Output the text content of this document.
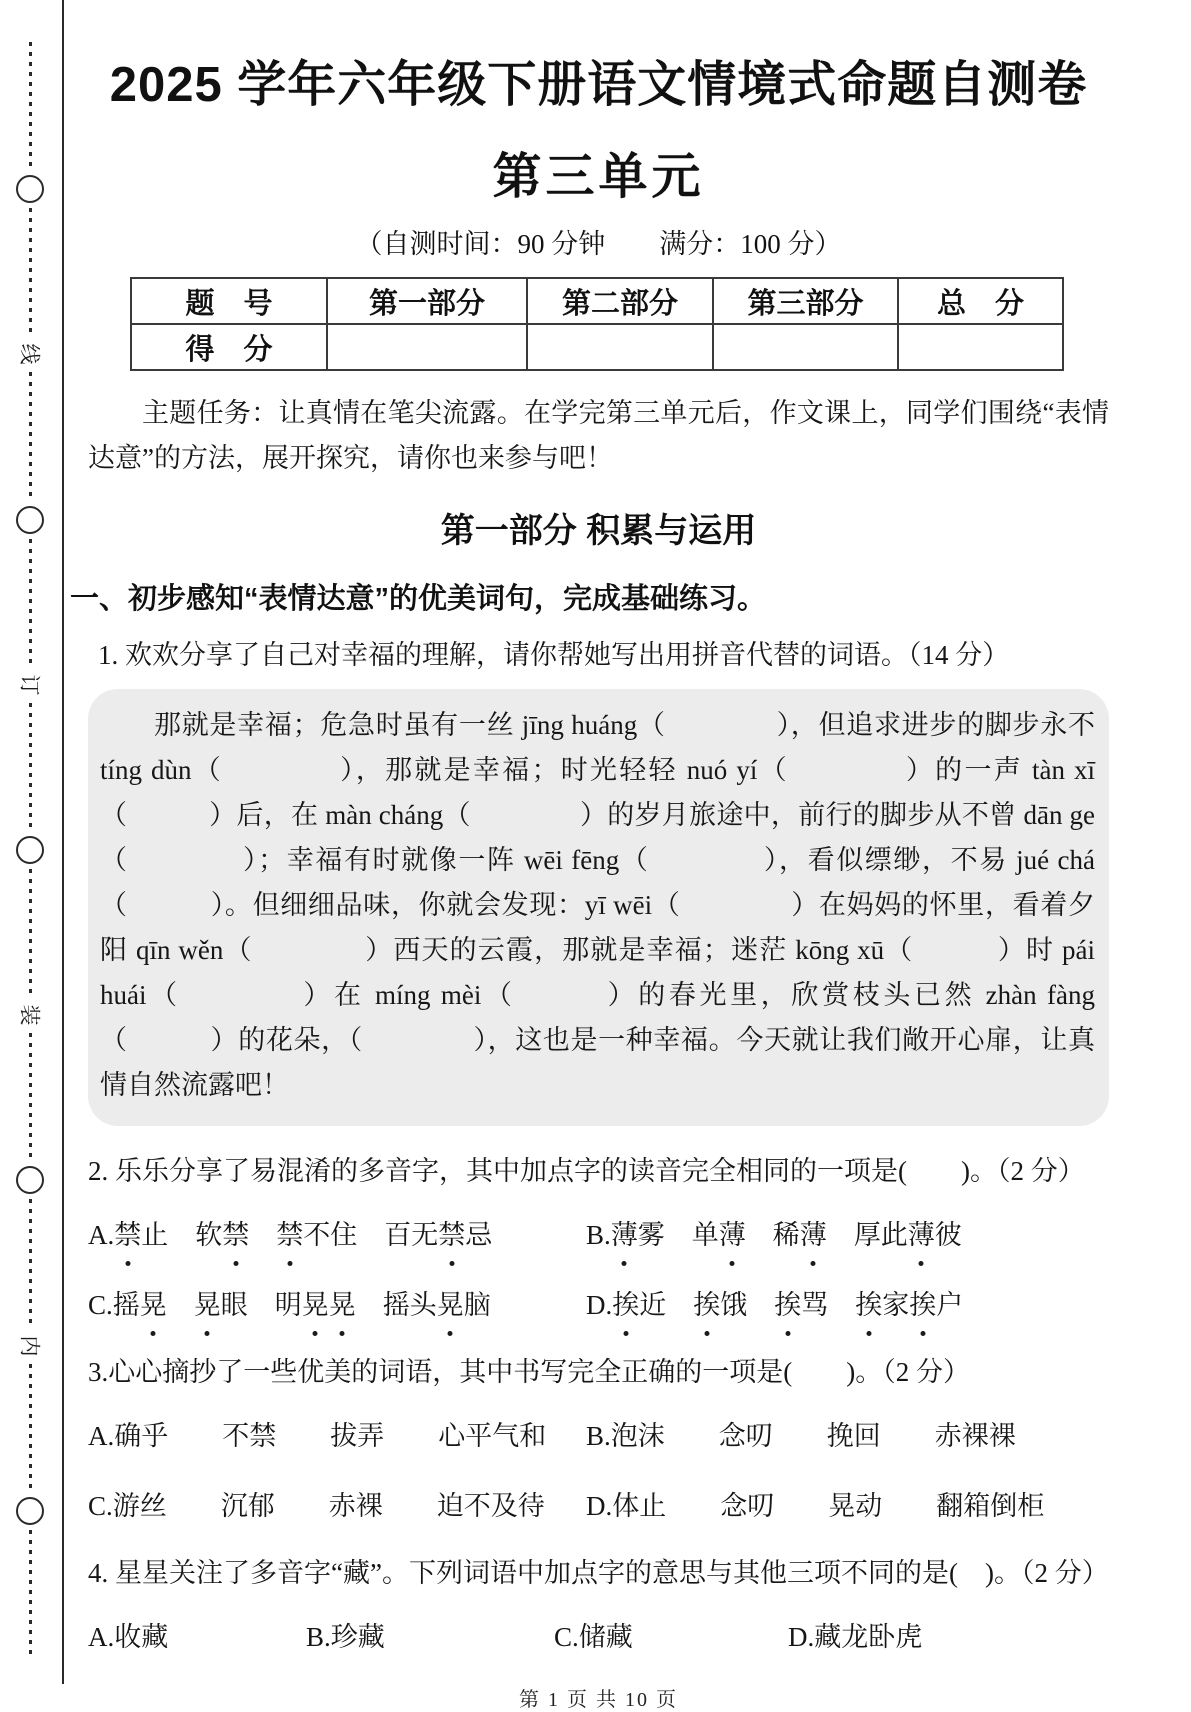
线
订
装
内
2025 学年六年级下册语文情境式命题自测卷
第三单元
（自测时间：90 分钟　　满分：100 分）
题　号	第一部分	第二部分	第三部分	总　分
得　分				

主题任务：让真情在笔尖流露。在学完第三单元后，作文课上，同学们围绕“表情达意”的方法，展开探究，请你也来参与吧！

第一部分 积累与运用
一、初步感知“表情达意”的优美词句，完成基础练习。

1. 欢欢分享了自己对幸福的理解，请你帮她写出用拼音代替的词语。（14 分）

那就是幸福；危急时虽有一丝 jīng huáng（　　　　），但追求进步的脚步永不 tíng dùn（　　　　），那就是幸福；时光轻轻 nuó yí（　　　　）的一声 tàn xī（　　　）后，在 màn cháng（　　　　）的岁月旅途中，前行的脚步从不曾 dān ge（　　　　）；幸福有时就像一阵 wēi fēng（　　　　），看似缥缈，不易 jué chá（　　　）。但细细品味，你就会发现：yī wēi（　　　　）在妈妈的怀里，看着夕阳 qīn wěn（　　　　）西天的云霞，那就是幸福；迷茫 kōng xū（　　　）时 pái huái（　　　　）在 míng mèi（　　　）的春光里，欣赏枝头已然 zhàn fàng（　　　）的花朵，（　　　　），这也是一种幸福。今天就让我们敞开心扉，让真情自然流露吧！

2. 乐乐分享了易混淆的多音字，其中加点字的读音完全相同的一项是(　　)。（2 分）

A.禁止　 软禁　 禁不住　 百无禁忌	B.薄雾　 单薄　 稀薄　 厚此薄彼
C.摇晃　 晃眼　 明晃晃　 摇头晃脑	D.挨近　 挨饿　 挨骂　 挨家挨户

3.心心摘抄了一些优美的词语，其中书写完全正确的一项是(　　)。（2 分）

A.确乎　　 不禁　　 拔弄　　 心平气和	B.泡沫　　 念叨　　 挽回　　 赤裸裸
C.游丝　　 沉郁　　 赤裸　　 迫不及待	D.体止　　 念叨　　 晃动　　 翻箱倒柜

4. 星星关注了多音字“藏”。下列词语中加点字的意思与其他三项不同的是(　)。（2 分）

A.收藏	B.珍藏	C.储藏	D.藏龙卧虎
第 1 页 共 10 页
